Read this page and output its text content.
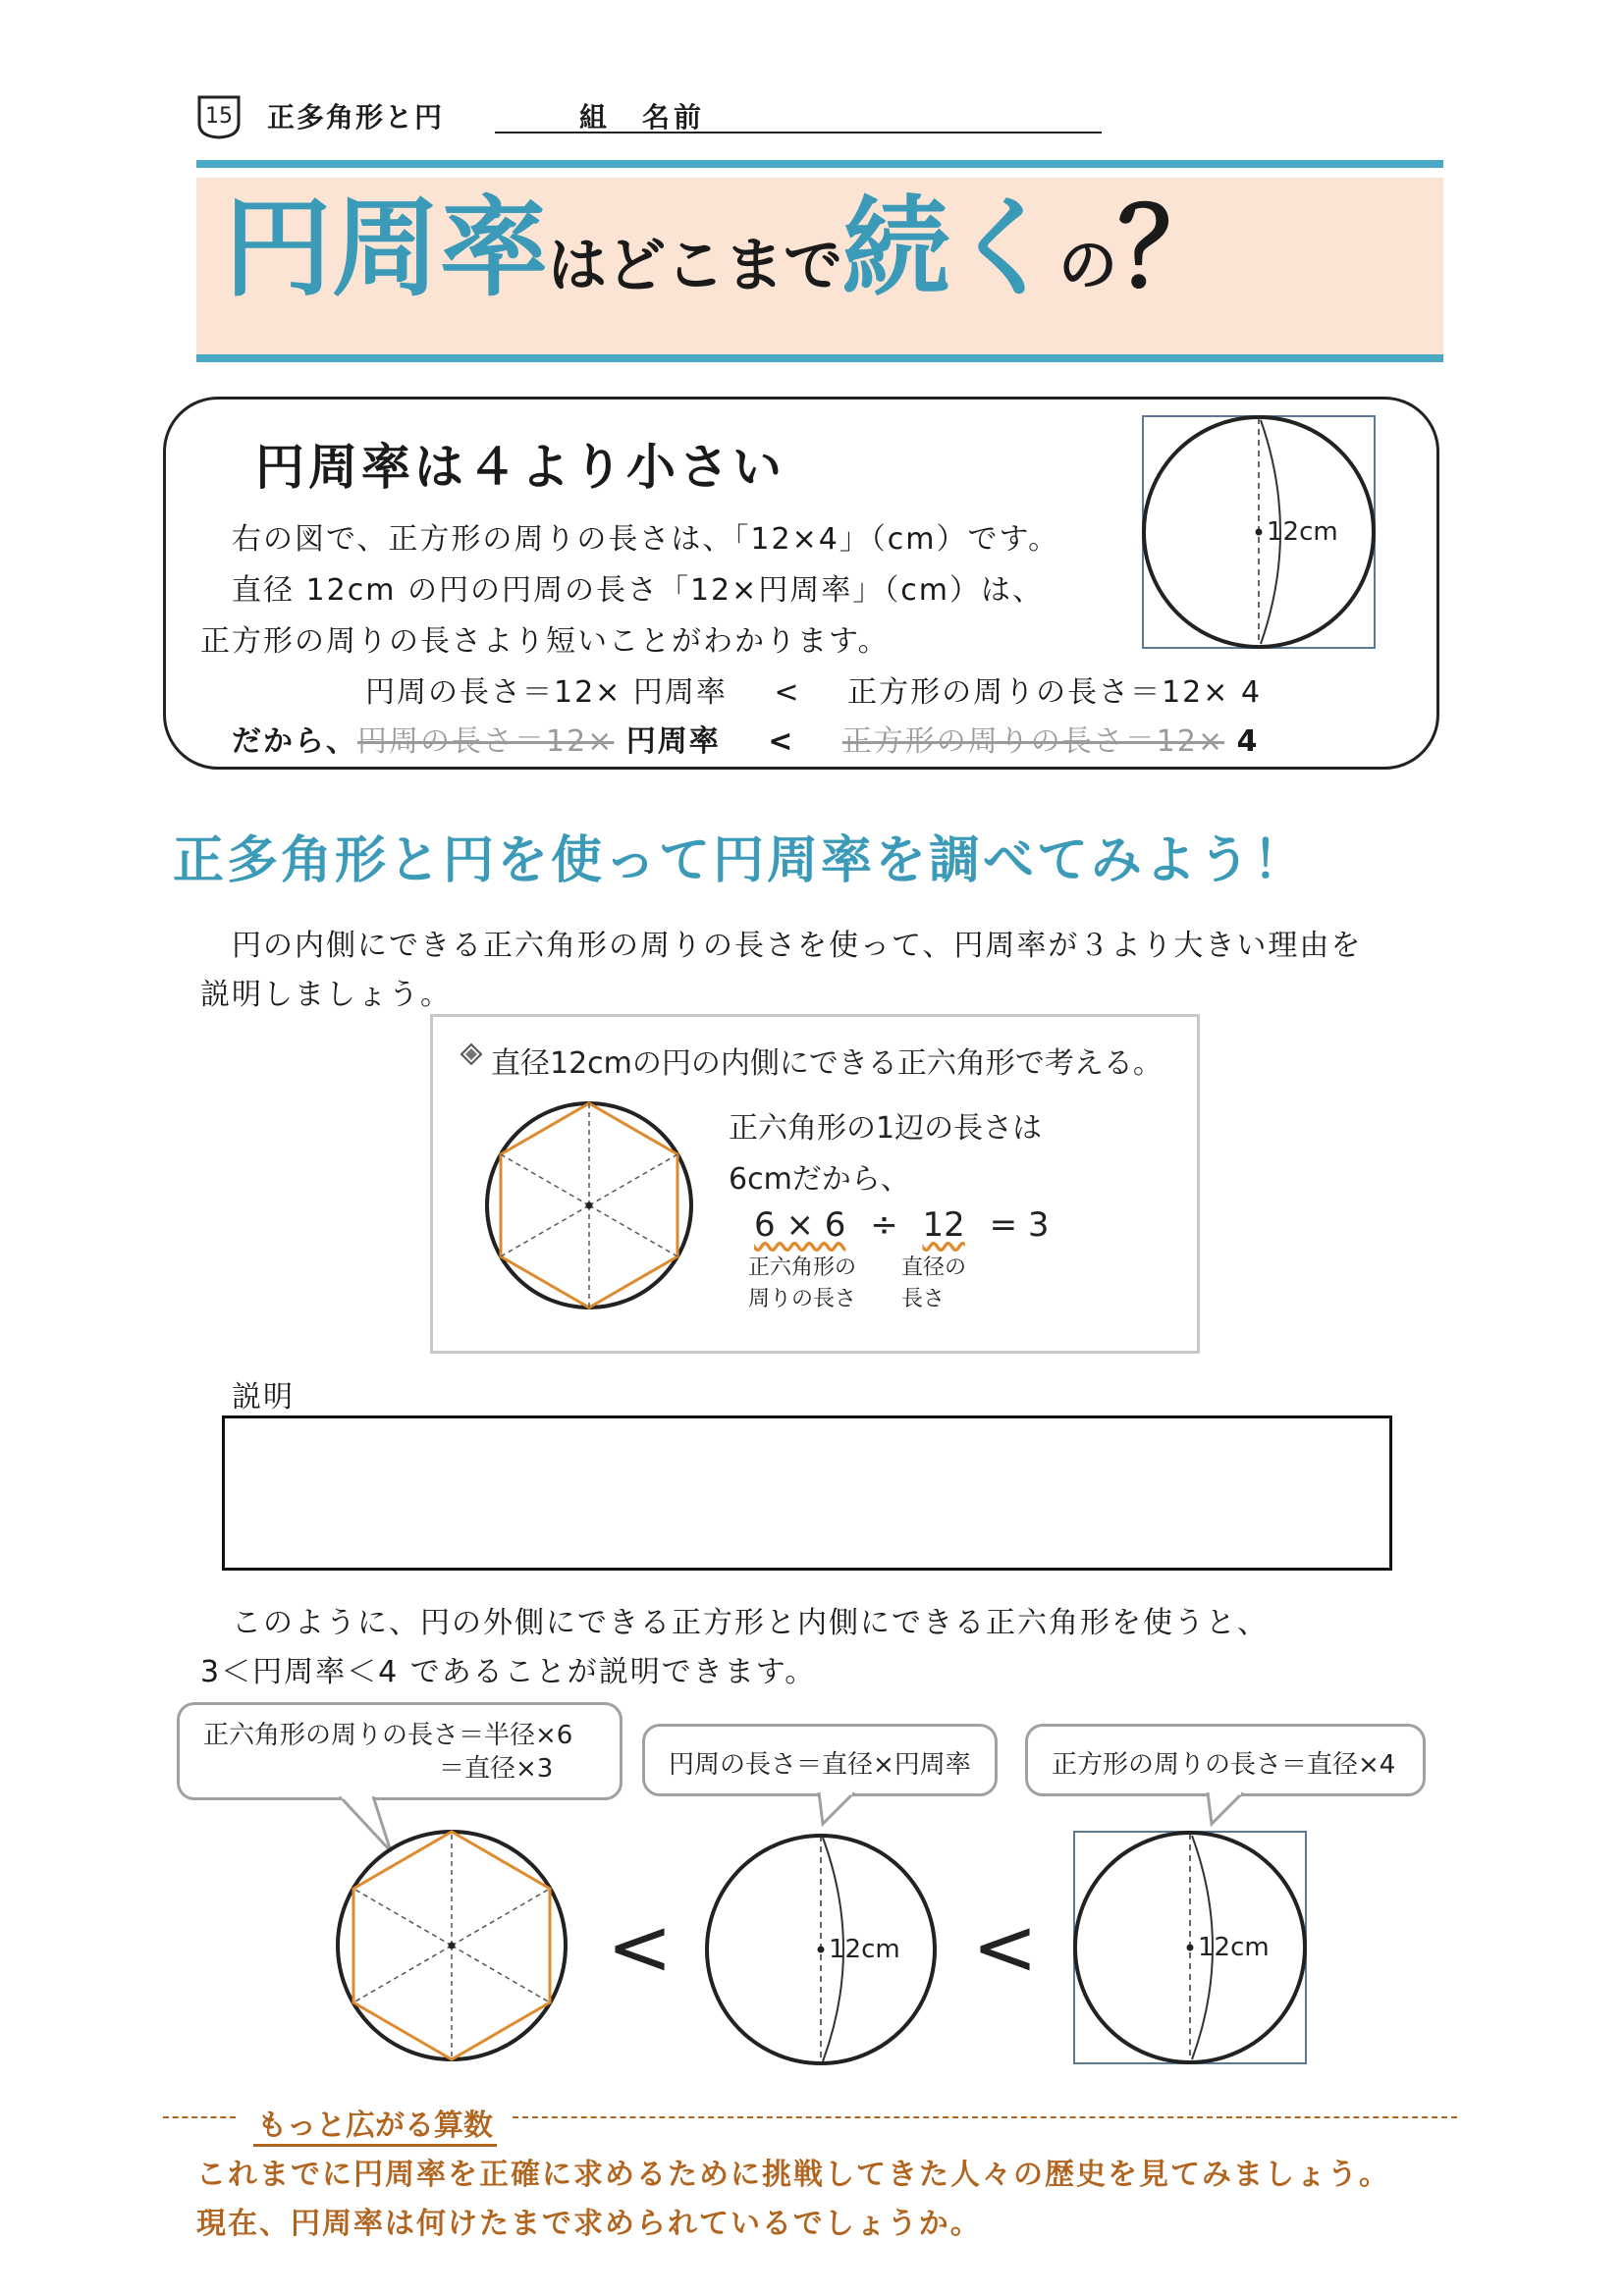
15 正多角形と円	組　名前
円周率はどこまで続くの？
円周率は４より小さい
右の図で、正方形の周りの長さは、「12×4」（cm）です。
直径 12cm の円の円周の長さ「12×円周率」（cm）は、
正方形の周りの長さより短いことがわかります。
円周の長さ＝12× 円周率 < 正方形の周りの長さ＝12× 4
だから、円周の長さ＝12× 円周率 < 正方形の周りの長さ＝12× 4
12cm
正多角形と円を使って円周率を調べてみよう！
円の内側にできる正六角形の周りの長さを使って、円周率が３より大きい理由を
説明しましょう。
直径12cmの円の内側にできる正六角形で考える。
正六角形の1辺の長さは
6cmだから、
6 × 6 ÷ 12 = 3
正六角形の
周りの長さ
直径の
長さ
説明
このように、円の外側にできる正方形と内側にできる正六角形を使うと、
3＜円周率＜4 であることが説明できます。
正六角形の周りの長さ＝半径×6
＝直径×3	円周の長さ＝直径×円周率	正方形の周りの長さ＝直径×4
<	12cm <	12cm
もっと広がる算数
これまでに円周率を正確に求めるために挑戦してきた人々の歴史を見てみましょう。
現在、円周率は何けたまで求められているでしょうか。
